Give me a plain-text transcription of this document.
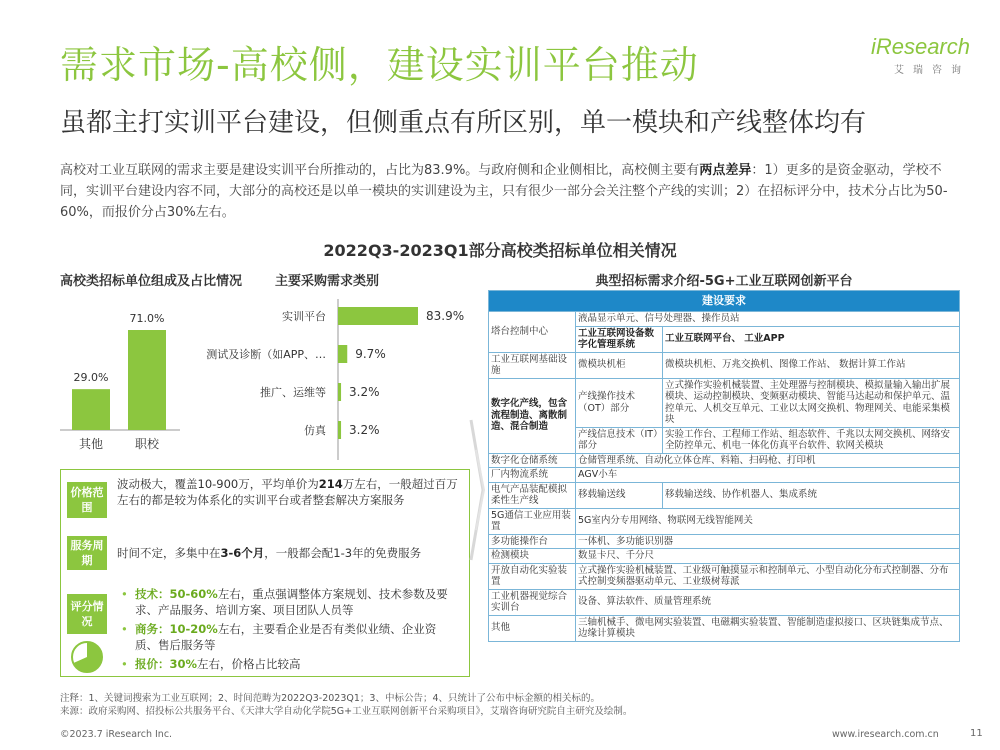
需求市场-高校侧，建设实训平台推动	iResearch
艾瑞咨询
虽都主打实训平台建设，但侧重点有所区别，单一模块和产线整体均有
高校对工业互联网的需求主要是建设实训平台所推动的，占比为83.9%。与政府侧和企业侧相比，高校侧主要有两点差异：1）更多的是资金驱动，学校不同，实训平台建设内容不同，大部分的高校还是以单一模块的实训建设为主，只有很少一部分会关注整个产线的实训；2）在招标评分中，技术分占比为50-60%，而报价分占30%左右。
2022Q3-2023Q1部分高校类招标单位相关情况
高校类招标单位组成及占比情况	主要采购需求类别
29.0%
其他
71.0%
职校
实训平台	83.9%
测试及诊断（如APP、… 9.7%
推广、运维等 3.2%
仿真 3.2%
价格范围
波动极大，覆盖10-900万，平均单价为214万左右，一般超过百万左右的都是较为体系化的实训平台或者整套解决方案服务
服务周期
时间不定，多集中在3-6个月，一般都会配1-3年的免费服务
评分情况
• 技术：50-60%左右，重点强调整体方案规划、技术参数及要求、产品服务、培训方案、项目团队人员等
• 商务：10-20%左右，主要看企业是否有类似业绩、企业资质、售后服务等
• 报价：30%左右，价格占比较高
典型招标需求介绍-5G+工业互联网创新平台
建设要求		
塔台控制中心	液晶显示单元、信号处理器、操作员站	
	工业互联网设备数字化管理系统	工业互联网平台、 工业APP
工业互联网基础设施	微模块机柜	微模块机柜、万兆交换机、图像工作站、 数据计算工作站
数字化产线，包含流程制造、离散制造、混合制造	产线操作技术（OT）部分	立式操作实验机械装置、主处理器与控制模块、模拟量输入输出扩展模块、运动控制模块、变频驱动模块、智能马达起动和保护单元、温控单元、人机交互单元、工业以太网交换机、物理网关、电能采集模块
	产线信息技术（IT）部分	实验工作台、工程师工作站、组态软件、千兆以太网交换机、网络安全防控单元、机电一体化仿真平台软件、软网关模块
数字化仓储系统	仓储管理系统、自动化立体仓库、料箱、扫码枪、打印机	
厂内物流系统	AGV小车	
电气产品装配模拟柔性生产线	移载输送线	移载输送线、协作机器人、集成系统
5G通信工业应用装置	5G室内分专用网络、物联网无线智能网关	
多功能操作台	一体机、多功能识别器	
检测模块	数显卡尺、千分尺	
开放自动化实验装置	立式操作实验机械装置、工业级可触摸显示和控制单元、小型自动化分布式控制器、分布式控制变频器驱动单元、工业级树莓派	
工业机器视觉综合实训台	设备、算法软件、质量管理系统	
其他	三轴机械手、微电网实验装置、电磁耦实验装置、智能制造虚拟接口、区块链集成节点、边缘计算模块	
注释：1、关键词搜索为工业互联网；2、时间范畴为2022Q3-2023Q1；3、中标公告；4、只统计了公布中标金额的相关标的。
来源：政府采购网、招投标公共服务平台、《天津大学自动化学院5G+工业互联网创新平台采购项目》，艾瑞咨询研究院自主研究及绘制。
©2023.7 iResearch Inc.	www.iresearch.com.cn	11
